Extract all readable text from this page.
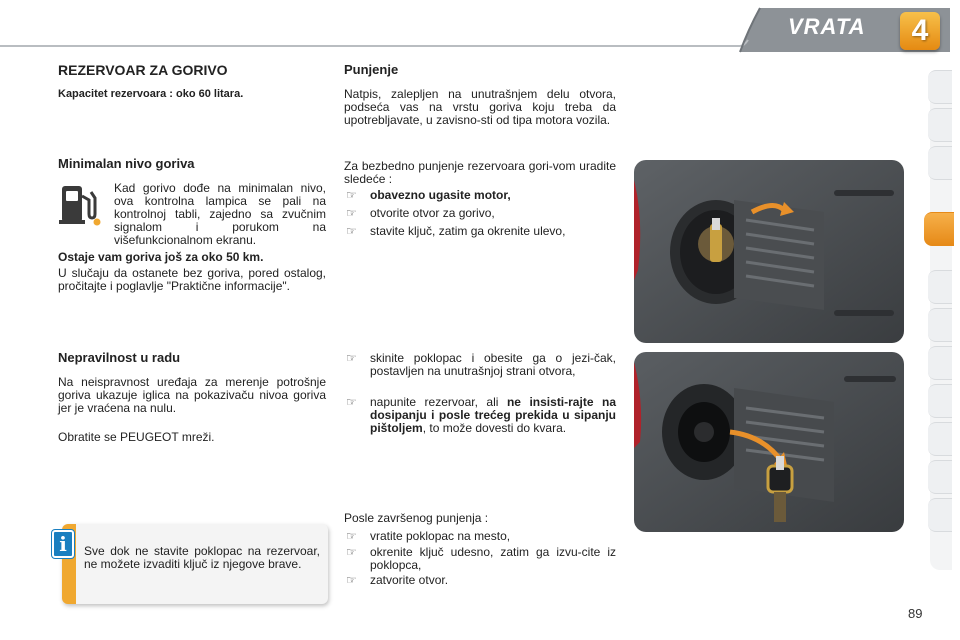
VRATA	4
REZERVOAR ZA GORIVO
Kapacitet rezervoara : oko 60 litara.
Minimalan nivo goriva
Kad gorivo dođe na minimalan nivo, ova kontrolna lampica se pali na kontrolnoj tabli, zajedno sa zvučnim signalom i porukom na višefunkcionalnom ekranu.
Ostaje vam goriva još za oko 50 km.
U slučaju da ostanete bez goriva, pored ostalog, pročitajte i poglavlje "Praktične informacije".
Nepravilnost u radu
Na neispravnost uređaja za merenje potrošnje goriva ukazuje iglica na pokazivaču nivoa goriva jer je vraćena na nulu.
Obratite se PEUGEOT mreži.
i	Sve dok ne stavite poklopac na rezervoar, ne možete izvaditi ključ iz njegove brave.
Punjenje
Natpis, zalepljen na unutrašnjem delu otvora, podseća vas na vrstu goriva koju treba da upotrebljavate, u zavisno-sti od tipa motora vozila.
Za bezbedno punjenje rezervoara gori-vom uradite sledeće :
☞	obavezno ugasite motor,
☞	otvorite otvor za gorivo,
☞	stavite ključ, zatim ga okrenite ulevo,
☞	skinite poklopac i obesite ga o jezi-čak, postavljen na unutrašnjoj strani otvora,
☞	napunite rezervoar, ali ne insisti-rajte na dosipanju i posle trećeg prekida u sipanju pištoljem, to može dovesti do kvara.
Posle završenog punjenja :
☞	vratite poklopac na mesto,
☞	okrenite ključ udesno, zatim ga izvu-cite iz poklopca,
☞	zatvorite otvor.
89
